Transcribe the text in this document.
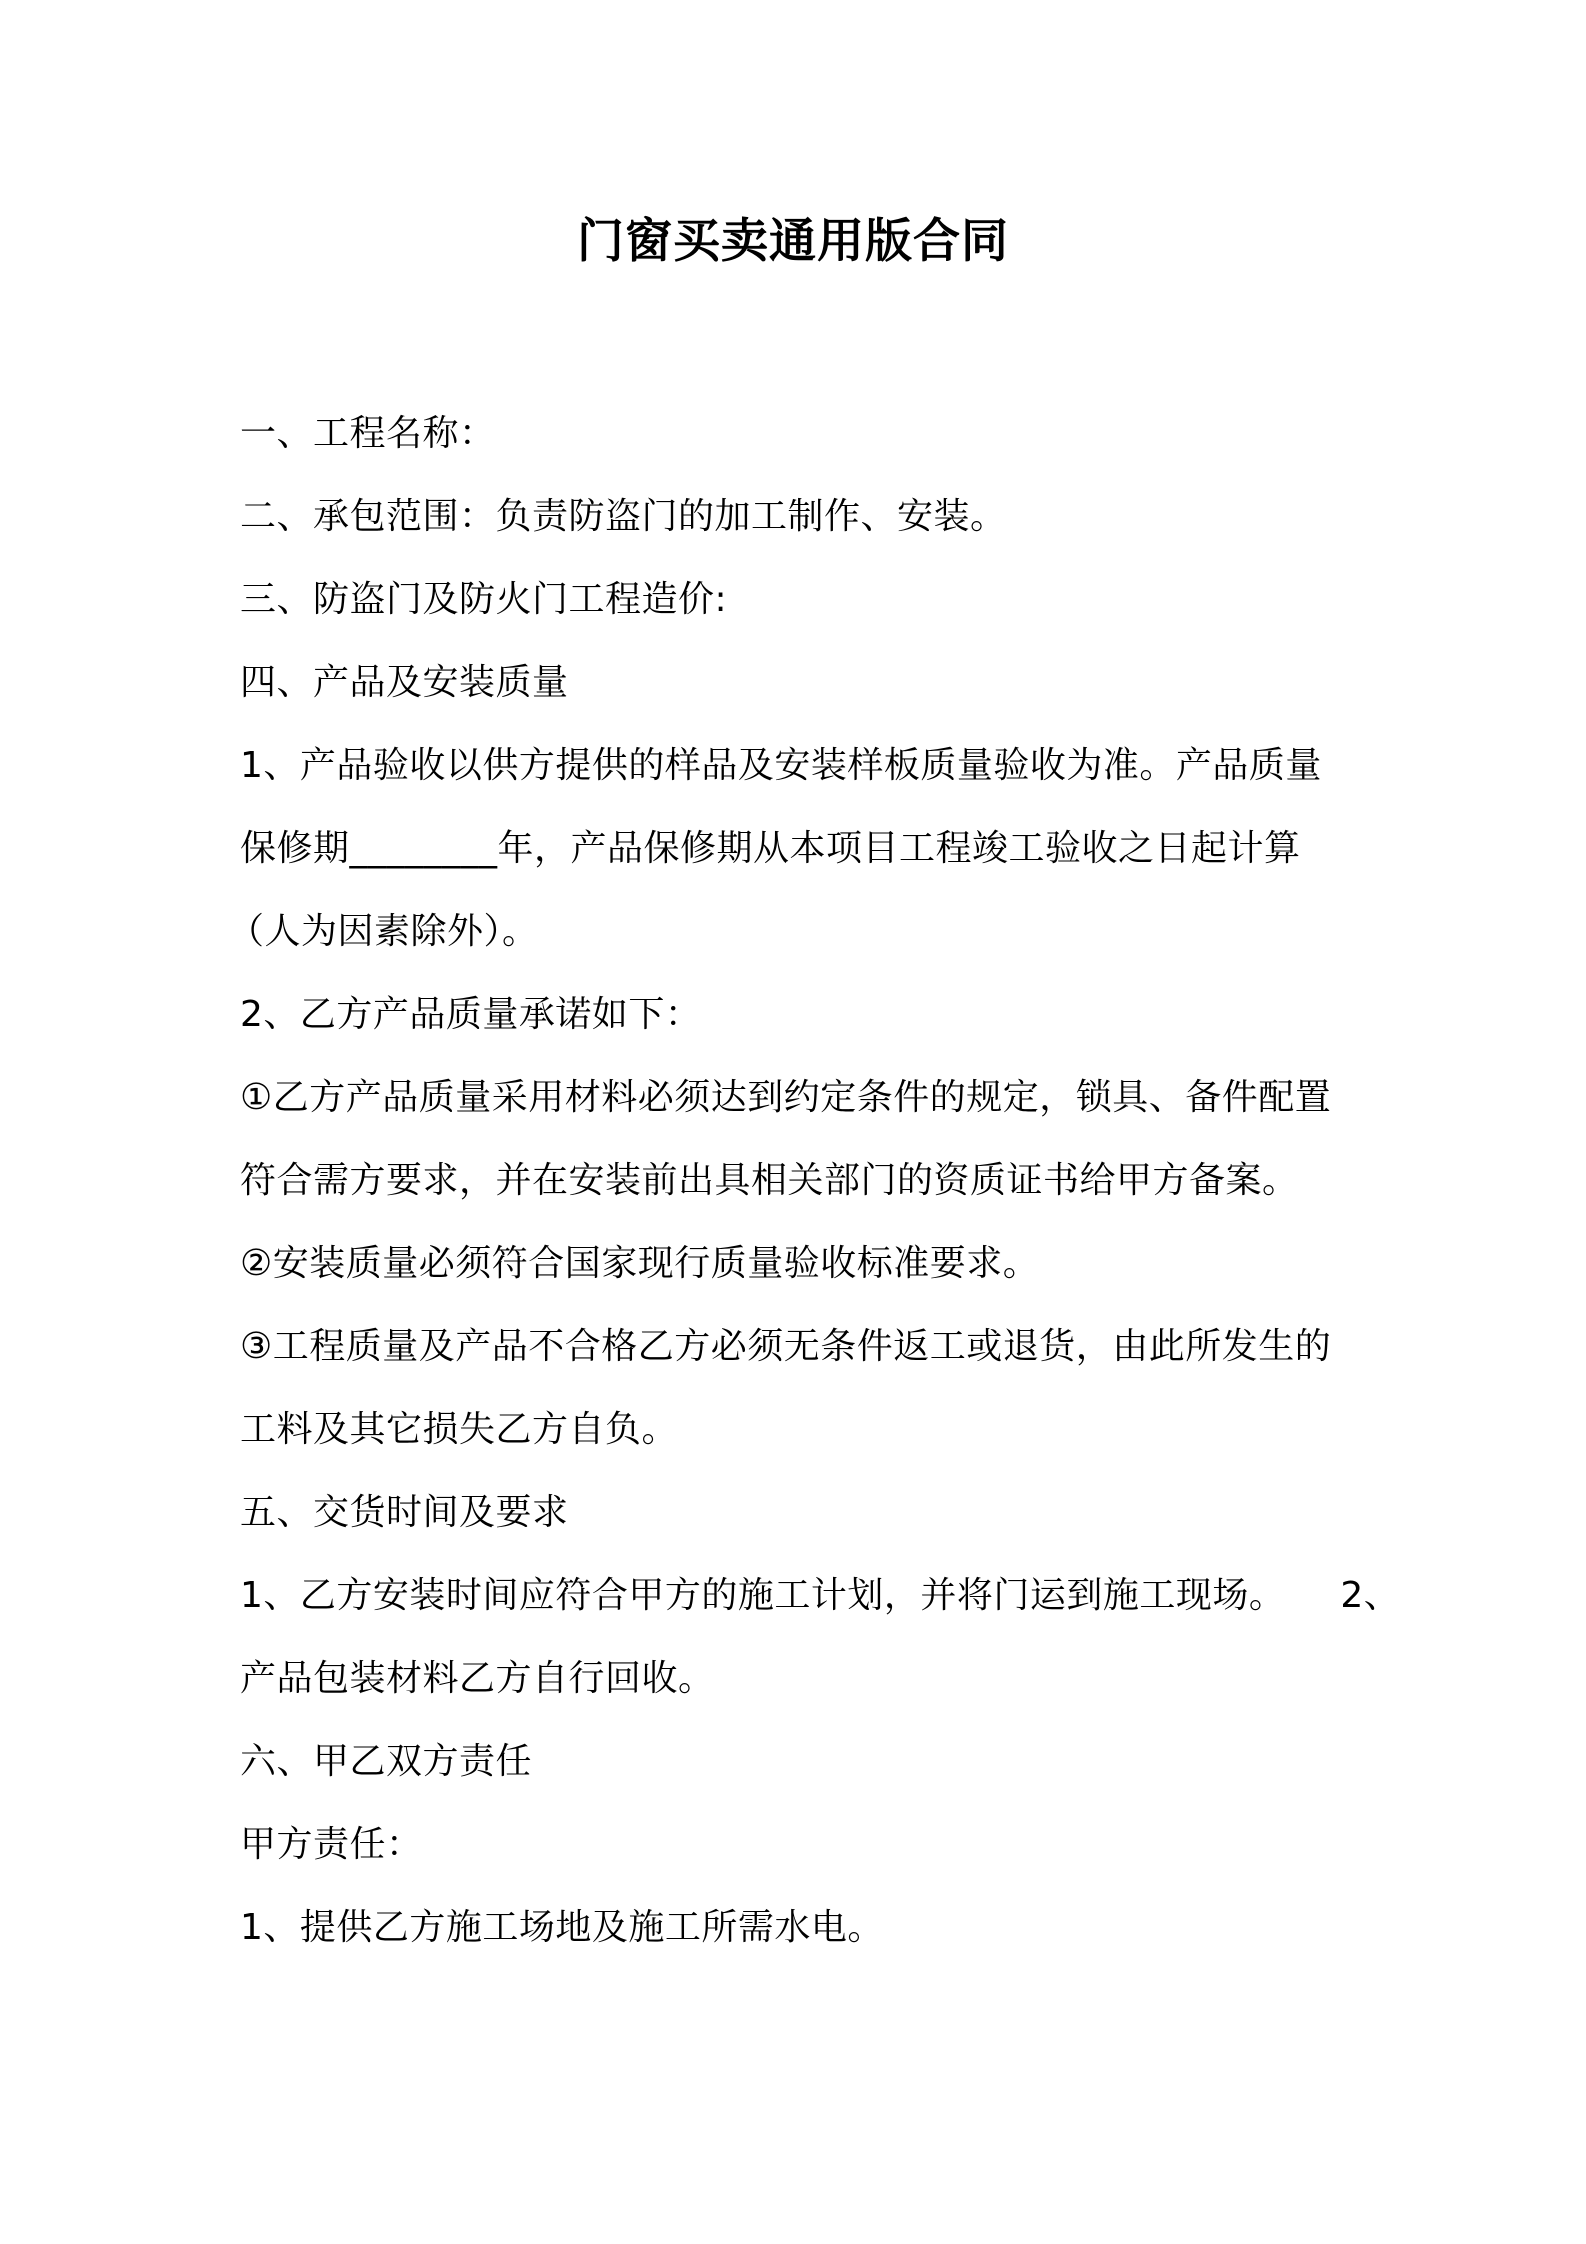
门窗买卖通用版合同
一、工程名称：
二、承包范围：负责防盗门的加工制作、安装。
三、防盗门及防火门工程造价:
四、产品及安装质量
1、产品验收以供方提供的样品及安装样板质量验收为准。产品质量
保修期________年，产品保修期从本项目工程竣工验收之日起计算
（人为因素除外）。
2、乙方产品质量承诺如下：
①乙方产品质量采用材料必须达到约定条件的规定，锁具、备件配置
符合需方要求，并在安装前出具相关部门的资质证书给甲方备案。
②安装质量必须符合国家现行质量验收标准要求。
③工程质量及产品不合格乙方必须无条件返工或退货，由此所发生的
工料及其它损失乙方自负。
五、交货时间及要求
1、乙方安装时间应符合甲方的施工计划，并将门运到施工现场。　　2、
产品包装材料乙方自行回收。
六、甲乙双方责任
甲方责任：
1、提供乙方施工场地及施工所需水电。
